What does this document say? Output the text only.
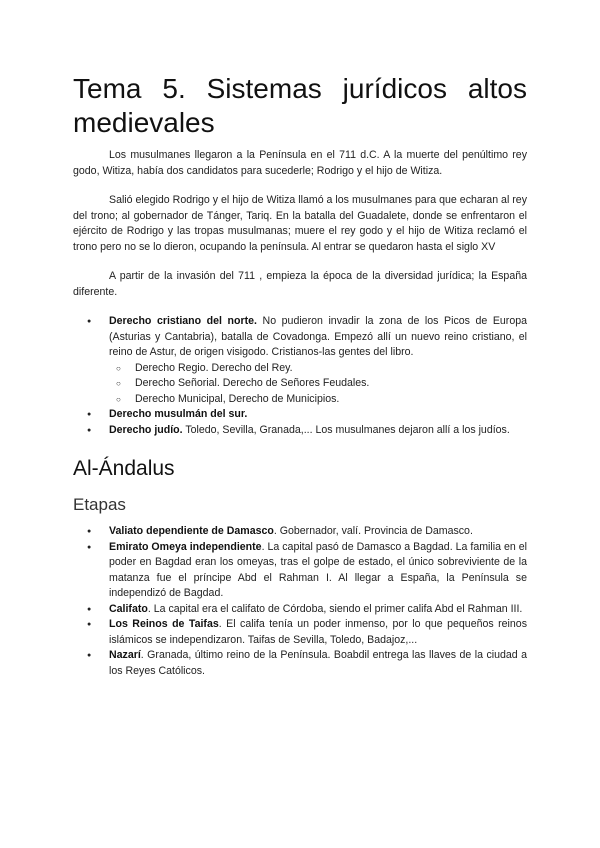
Tema 5. Sistemas jurídicos altos medievales

Los musulmanes llegaron a la Península en el 711 d.C. A la muerte del penúltimo rey godo, Witiza, había dos candidatos para sucederle; Rodrigo y el hijo de Witiza.

Salió elegido Rodrigo y el hijo de Witiza llamó a los musulmanes para que echaran al rey del trono; al gobernador de Tánger, Tariq. En la batalla del Guadalete, donde se enfrentaron el ejército de Rodrigo y las tropas musulmanas; muere el rey godo y el hijo de Witiza reclamó el trono pero no se lo dieron, ocupando la península. Al entrar se quedaron hasta el siglo XV

A partir de la invasión del 711 , empieza la época de la diversidad jurídica; la España diferente.

● Derecho cristiano del norte. No pudieron invadir la zona de los Picos de Europa (Asturias y Cantabria), batalla de Covadonga. Empezó allí un nuevo reino cristiano, el reino de Astur, de origen visigodo. Cristianos-las gentes del libro.
○ Derecho Regio. Derecho del Rey.
○ Derecho Señorial. Derecho de Señores Feudales.
○ Derecho Municipal, Derecho de Municipios.
● Derecho musulmán del sur.
● Derecho judío. Toledo, Sevilla, Granada,... Los musulmanes dejaron allí a los judíos.
Al-Ándalus
Etapas
● Valiato dependiente de Damasco. Gobernador, valí. Provincia de Damasco.
● Emirato Omeya independiente. La capital pasó de Damasco a Bagdad. La familia en el poder en Bagdad eran los omeyas, tras el golpe de estado, el único sobreviviente de la matanza fue el príncipe Abd el Rahman I. Al llegar a España, la Península se independizó de Bagdad.
● Califato. La capital era el califato de Córdoba, siendo el primer califa Abd el Rahman III.
● Los Reinos de Taifas. El califa tenía un poder inmenso, por lo que pequeños reinos islámicos se independizaron. Taifas de Sevilla, Toledo, Badajoz,...
● Nazarí. Granada, último reino de la Península. Boabdil entrega las llaves de la ciudad a los Reyes Católicos.
